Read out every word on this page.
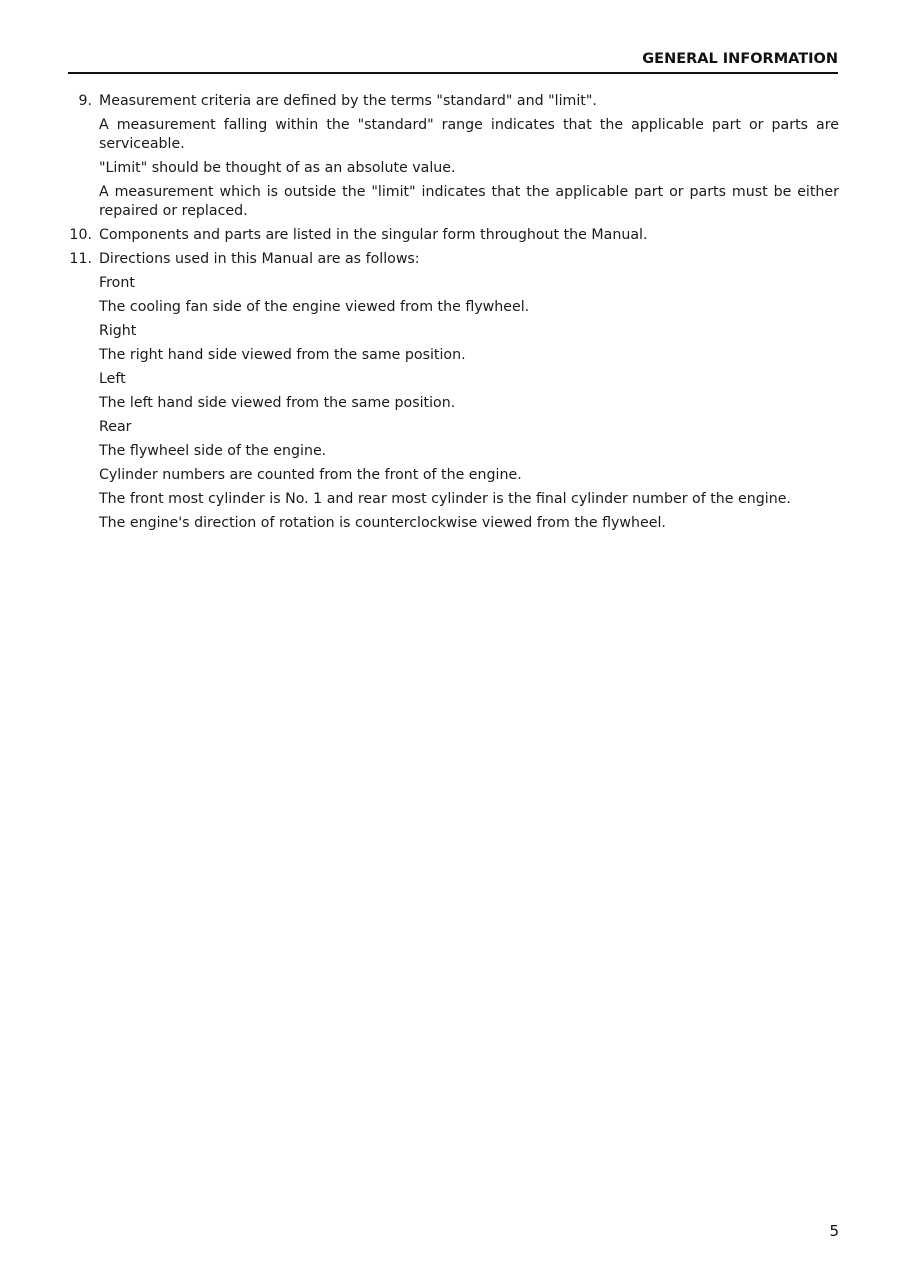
GENERAL INFORMATION
9. Measurement criteria are defined by the terms "standard" and "limit".

A measurement falling within the "standard" range indicates that the applicable part or parts are serviceable.

"Limit" should be thought of as an absolute value.

A measurement which is outside the "limit" indicates that the applicable part or parts must be either repaired or replaced.

10. Components and parts are listed in the singular form throughout the Manual.

11. Directions used in this Manual are as follows:

Front

The cooling fan side of the engine viewed from the flywheel.

Right

The right hand side viewed from the same position.

Left

The left hand side viewed from the same position.

Rear

The flywheel side of the engine.

Cylinder numbers are counted from the front of the engine.

The front most cylinder is No. 1 and rear most cylinder is the final cylinder number of the engine.

The engine's direction of rotation is counterclockwise viewed from the flywheel.

5
